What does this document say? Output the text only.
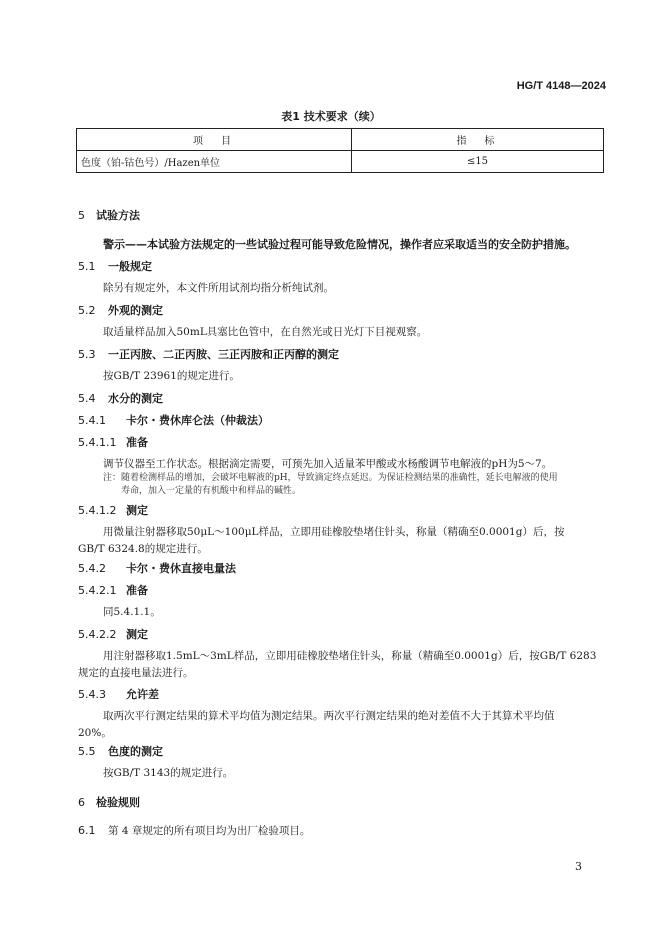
HG/T 4148—2024
表1 技术要求（续）
项　目	指　标
色度（铂-钴色号）/Hazen单位	≤15
5 试验方法
警示——本试验方法规定的一些试验过程可能导致危险情况，操作者应采取适当的安全防护措施。
5.1 一般规定
除另有规定外，本文件所用试剂均指分析纯试剂。
5.2 外观的测定
取适量样品加入50mL具塞比色管中，在自然光或日光灯下目视观察。
5.3 一正丙胺、二正丙胺、三正丙胺和正丙醇的测定
按GB/T 23961的规定进行。
5.4 水分的测定
5.4.1 卡尔・费休库仑法（仲裁法）
5.4.1.1 准备
调节仪器至工作状态。根据滴定需要，可预先加入适量苯甲酸或水杨酸调节电解液的pH为5～7。
注：随着检测样品的增加，会破坏电解液的pH，导致滴定终点延迟。为保证检测结果的准确性，延长电解液的使用
寿命，加入一定量的有机酸中和样品的碱性。
5.4.1.2 测定
用微量注射器移取50μL～100μL样品，立即用硅橡胶垫堵住针头，称量（精确至0.0001g）后，按
GB/T 6324.8的规定进行。
5.4.2 卡尔・费休直接电量法
5.4.2.1 准备
同5.4.1.1。
5.4.2.2 测定
用注射器移取1.5mL～3mL样品，立即用硅橡胶垫堵住针头，称量（精确至0.0001g）后，按GB/T 6283
规定的直接电量法进行。
5.4.3 允许差
取两次平行测定结果的算术平均值为测定结果。两次平行测定结果的绝对差值不大于其算术平均值
20%。
5.5 色度的测定
按GB/T 3143的规定进行。
6 检验规则
6.1 第 4 章规定的所有项目均为出厂检验项目。
3
